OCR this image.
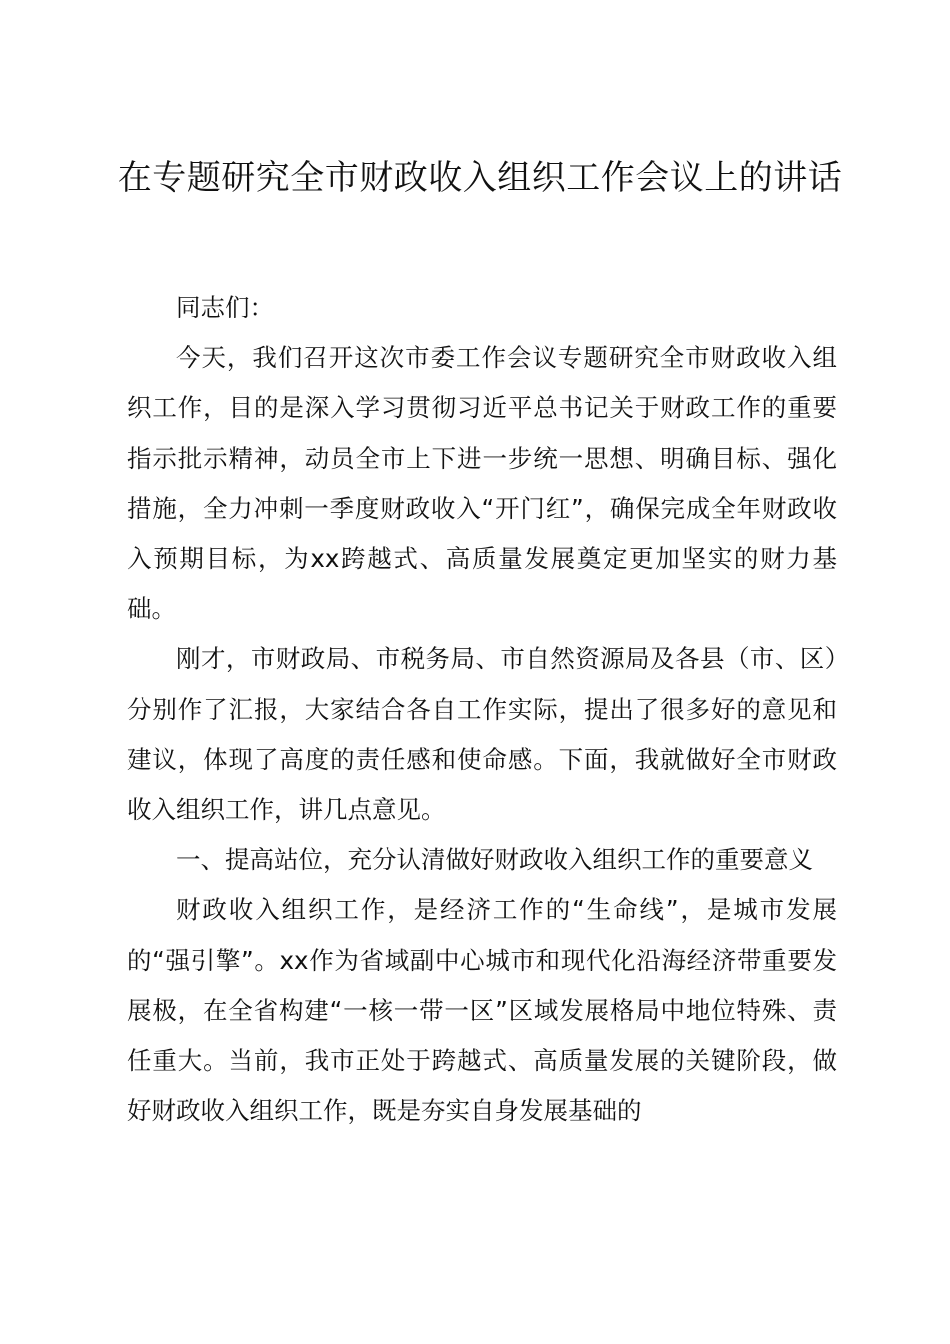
在专题研究全市财政收入组织工作会议上的讲话

同志们：

今天，我们召开这次市委工作会议专题研究全市财政收入组织工作，目的是深入学习贯彻习近平总书记关于财政工作的重要指示批示精神，动员全市上下进一步统一思想、明确目标、强化措施，全力冲刺一季度财政收入“开门红”，确保完成全年财政收入预期目标，为xx跨越式、高质量发展奠定更加坚实的财力基础。

刚才，市财政局、市税务局、市自然资源局及各县（市、区）分别作了汇报，大家结合各自工作实际，提出了很多好的意见和建议，体现了高度的责任感和使命感。下面，我就做好全市财政收入组织工作，讲几点意见。

一、提高站位，充分认清做好财政收入组织工作的重要意义

财政收入组织工作，是经济工作的“生命线”，是城市发展的“强引擎”。xx作为省域副中心城市和现代化沿海经济带重要发展极，在全省构建“一核一带一区”区域发展格局中地位特殊、责任重大。当前，我市正处于跨越式、高质量发展的关键阶段，做好财政收入组织工作，既是夯实自身发展基础的
